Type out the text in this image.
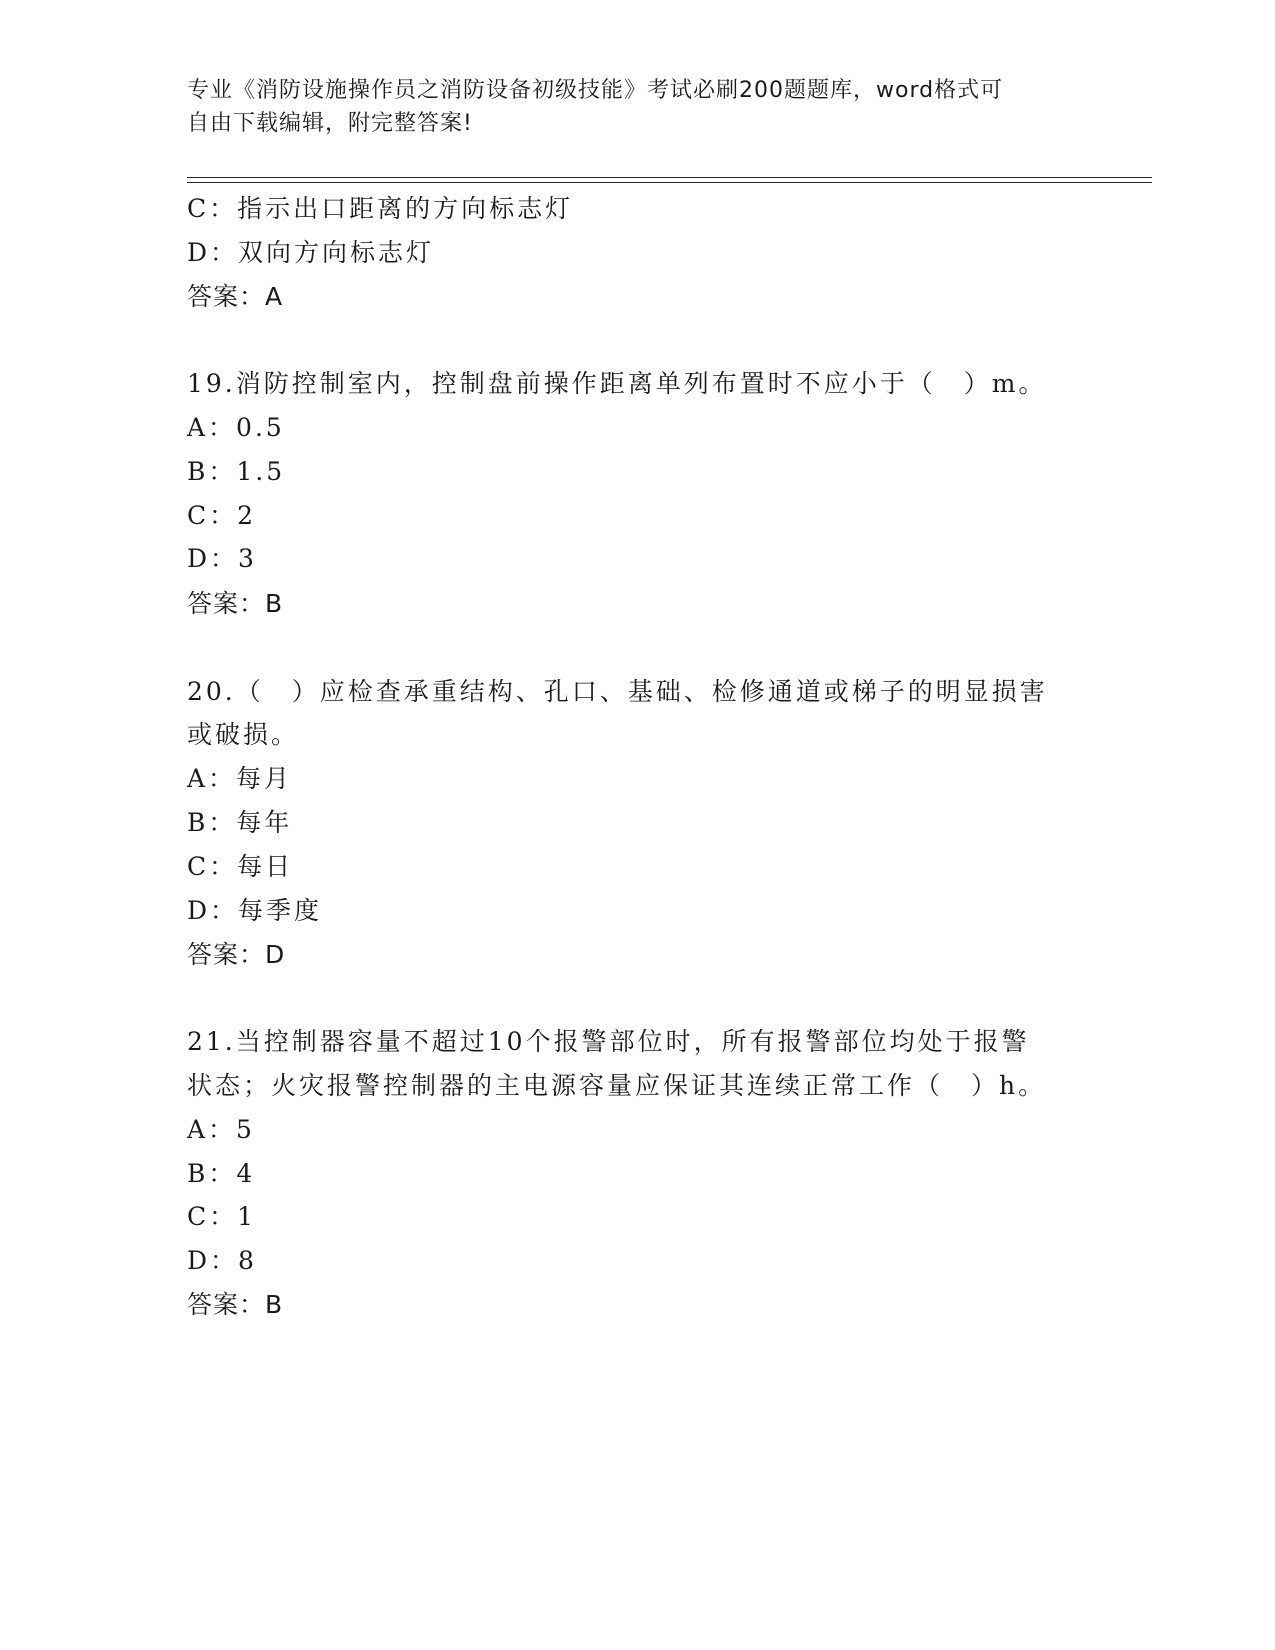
专业《消防设施操作员之消防设备初级技能》考试必刷200题题库，word格式可
自由下载编辑，附完整答案!
C：指示出口距离的方向标志灯
D：双向方向标志灯
答案：A
19.消防控制室内，控制盘前操作距离单列布置时不应小于（　）m。
A：0.5
B：1.5
C：2
D：3
答案：B
20.（　）应检查承重结构、孔口、基础、检修通道或梯子的明显损害
或破损。
A：每月
B：每年
C：每日
D：每季度
答案：D
21.当控制器容量不超过10个报警部位时，所有报警部位均处于报警
状态；火灾报警控制器的主电源容量应保证其连续正常工作（　）h。
A：5
B：4
C：1
D：8
答案：B
